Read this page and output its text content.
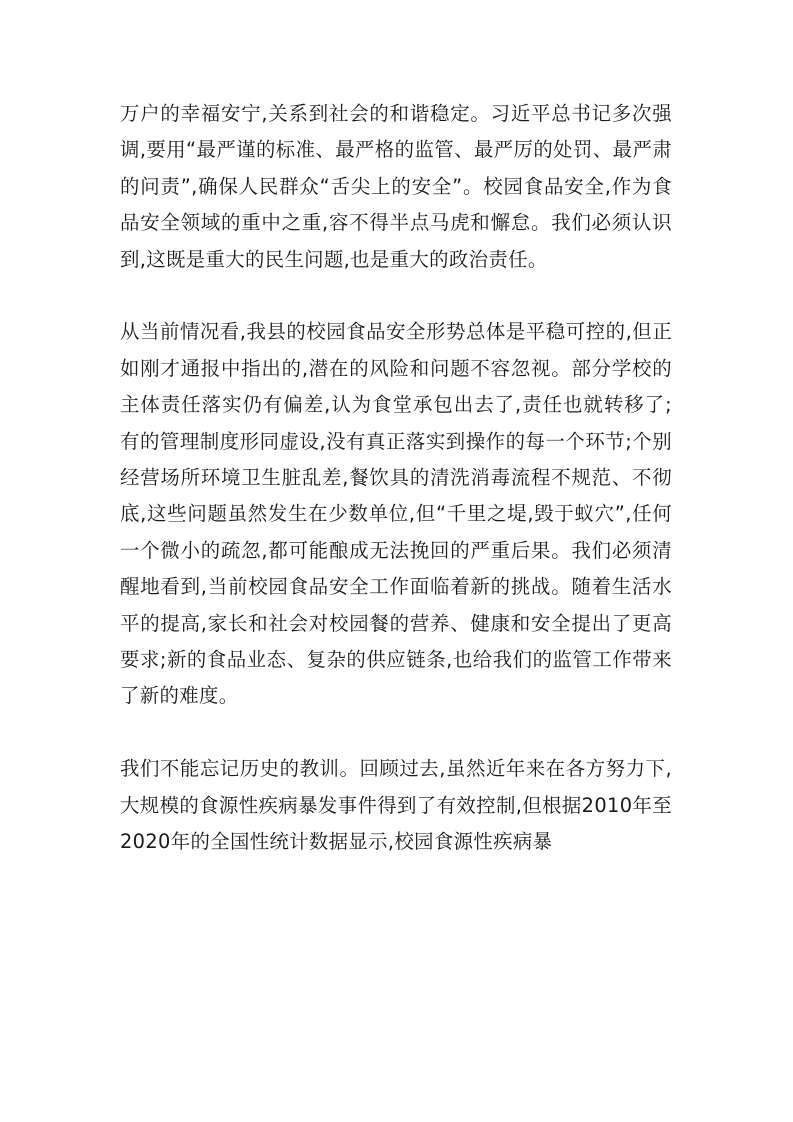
万户的幸福安宁,关系到社会的和谐稳定。习近平总书记多次强调,要用“最严谨的标准、最严格的监管、最严厉的处罚、最严肃的问责”,确保人民群众“舌尖上的安全”。校园食品安全,作为食品安全领域的重中之重,容不得半点马虎和懈怠。我们必须认识到,这既是重大的民生问题,也是重大的政治责任。

从当前情况看,我县的校园食品安全形势总体是平稳可控的,但正如刚才通报中指出的,潜在的风险和问题不容忽视。部分学校的主体责任落实仍有偏差,认为食堂承包出去了,责任也就转移了;有的管理制度形同虚设,没有真正落实到操作的每一个环节;个别经营场所环境卫生脏乱差,餐饮具的清洗消毒流程不规范、不彻底,这些问题虽然发生在少数单位,但“千里之堤,毁于蚁穴”,任何一个微小的疏忽,都可能酿成无法挽回的严重后果。我们必须清醒地看到,当前校园食品安全工作面临着新的挑战。随着生活水平的提高,家长和社会对校园餐的营养、健康和安全提出了更高要求;新的食品业态、复杂的供应链条,也给我们的监管工作带来了新的难度。

我们不能忘记历史的教训。回顾过去,虽然近年来在各方努力下,大规模的食源性疾病暴发事件得到了有效控制,但根据2010年至2020年的全国性统计数据显示,校园食源性疾病暴
